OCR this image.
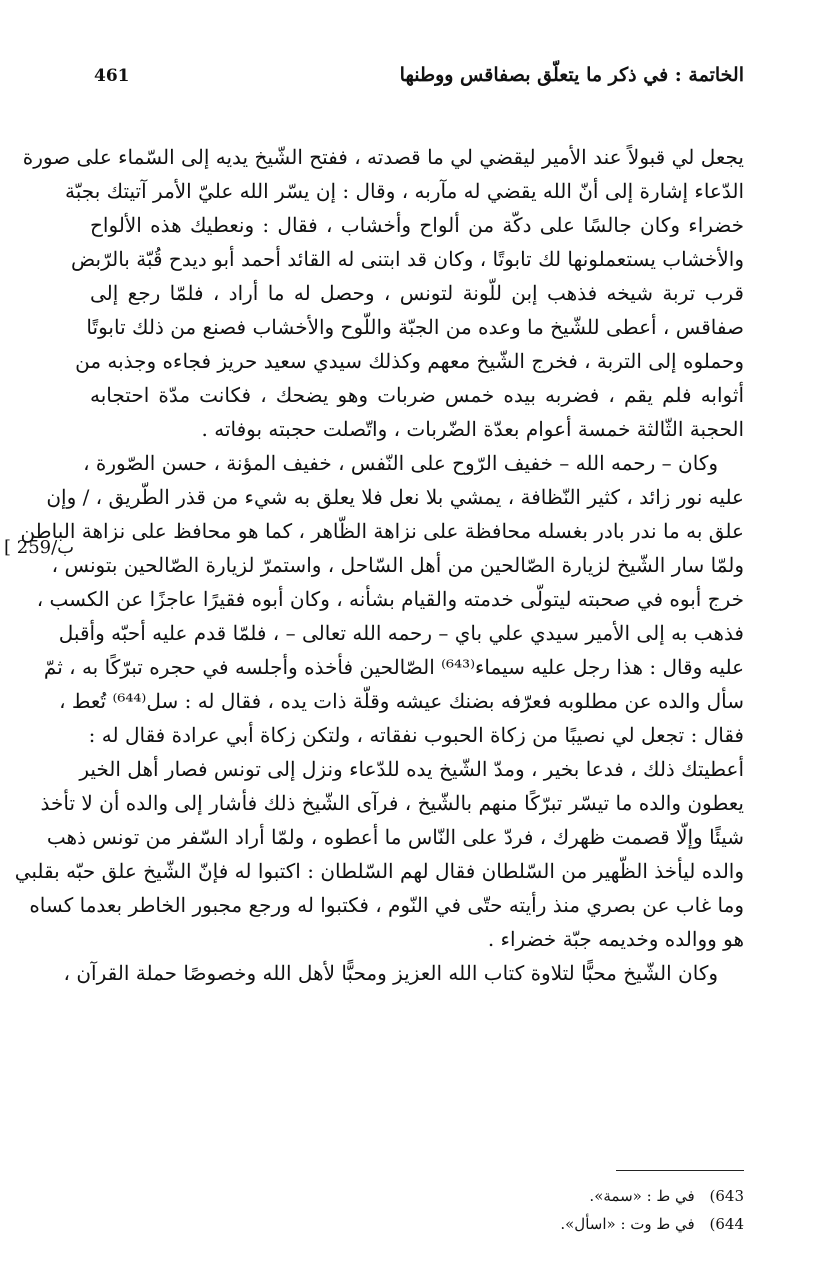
461	الخاتمة : في ذكر ما يتعلّق بصفاقس ووطنها
[ 259/ب
يجعل لي قبولاً عند الأمير ليقضي لي ما قصدته ، ففتح الشّيخ يديه إلى السّماء على صورة
الدّعاء إشارة إلى أنّ الله يقضي له مآربه ، وقال : إن يسّر الله عليّ الأمر آتيتك بجبّة
خضراء وكان جالسًا على دكّة من ألواح وأخشاب ، فقال : ونعطيك هذه الألواح
والأخشاب يستعملونها لك تابوتًا ، وكان قد ابتنى له القائد أحمد أبو ديدح قُبّة بالرّبض
قرب تربة شيخه فذهب إبن للّونة لتونس ، وحصل له ما أراد ، فلمّا رجع إلى
صفاقس ، أعطى للشّيخ ما وعده من الجبّة واللّوح والأخشاب فصنع من ذلك تابوتًا
وحملوه إلى التربة ، فخرج الشّيخ معهم وكذلك سيدي سعيد حريز فجاءه وجذبه من
أثوابه فلم يقم ، فضربه بيده خمس ضربات وهو يضحك ، فكانت مدّة احتجابه
الحجبة الثّالثة خمسة أعوام بعدّة الضّربات ، واتّصلت حجبته بوفاته .
وكان – رحمه الله – خفيف الرّوح على النّفس ، خفيف المؤنة ، حسن الصّورة ،
عليه نور زائد ، كثير النّظافة ، يمشي بلا نعل فلا يعلق به شيء من قذر الطّريق ، / وإن
علق به ما ندر بادر بغسله محافظة على نزاهة الظّاهر ، كما هو محافظ على نزاهة الباطن
ولمّا سار الشّيخ لزيارة الصّالحين من أهل السّاحل ، واستمرّ لزيارة الصّالحين بتونس ،
خرج أبوه في صحبته ليتولّى خدمته والقيام بشأنه ، وكان أبوه فقيرًا عاجزًا عن الكسب ،
فذهب به إلى الأمير سيدي علي باي – رحمه الله تعالى – ، فلمّا قدم عليه أحبّه وأقبل
عليه وقال : هذا رجل عليه سيماء⁽⁶⁴³⁾ الصّالحين فأخذه وأجلسه في حجره تبرّكًا به ، ثمّ
سأل والده عن مطلوبه فعرّفه بضنك عيشه وقلّة ذات يده ، فقال له : سل⁽⁶⁴⁴⁾ تُعط ،
فقال : تجعل لي نصيبًا من زكاة الحبوب نفقاته ، ولتكن زكاة أبي عرادة فقال له :
أعطيتك ذلك ، فدعا بخير ، ومدّ الشّيخ يده للدّعاء ونزل إلى تونس فصار أهل الخير
يعطون والده ما تيسّر تبرّكًا منهم بالشّيخ ، فرآى الشّيخ ذلك فأشار إلى والده أن لا تأخذ
شيئًا وإلّا قصمت ظهرك ، فردّ على النّاس ما أعطوه ، ولمّا أراد السّفر من تونس ذهب
والده ليأخذ الظّهير من السّلطان فقال لهم السّلطان : اكتبوا له فإنّ الشّيخ علق حبّه بقلبي
وما غاب عن بصري منذ رأيته حتّى في النّوم ، فكتبوا له ورجع مجبور الخاطر بعدما كساه
هو ووالده وخديمه جبّة خضراء .
وكان الشّيخ محبًّا لتلاوة كتاب الله العزيز ومحبًّا لأهل الله وخصوصًا حملة القرآن ،
(643 في ط : «سمة».
(644 في ط وت : «اسأل».
